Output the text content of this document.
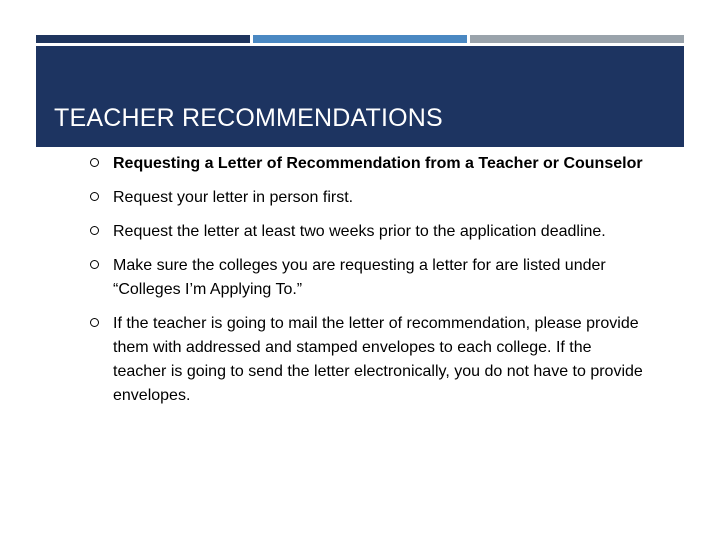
TEACHER RECOMMENDATIONS
Requesting a Letter of Recommendation from a Teacher or Counselor
Request your letter in person first.
Request the letter at least two weeks prior to the application deadline.
Make sure the colleges you are requesting a letter for are listed under “Colleges I’m Applying To.”
If the teacher is going to mail the letter of recommendation, please provide them with addressed and stamped envelopes to each college. If the teacher is going to send the letter electronically, you do not have to provide envelopes.
